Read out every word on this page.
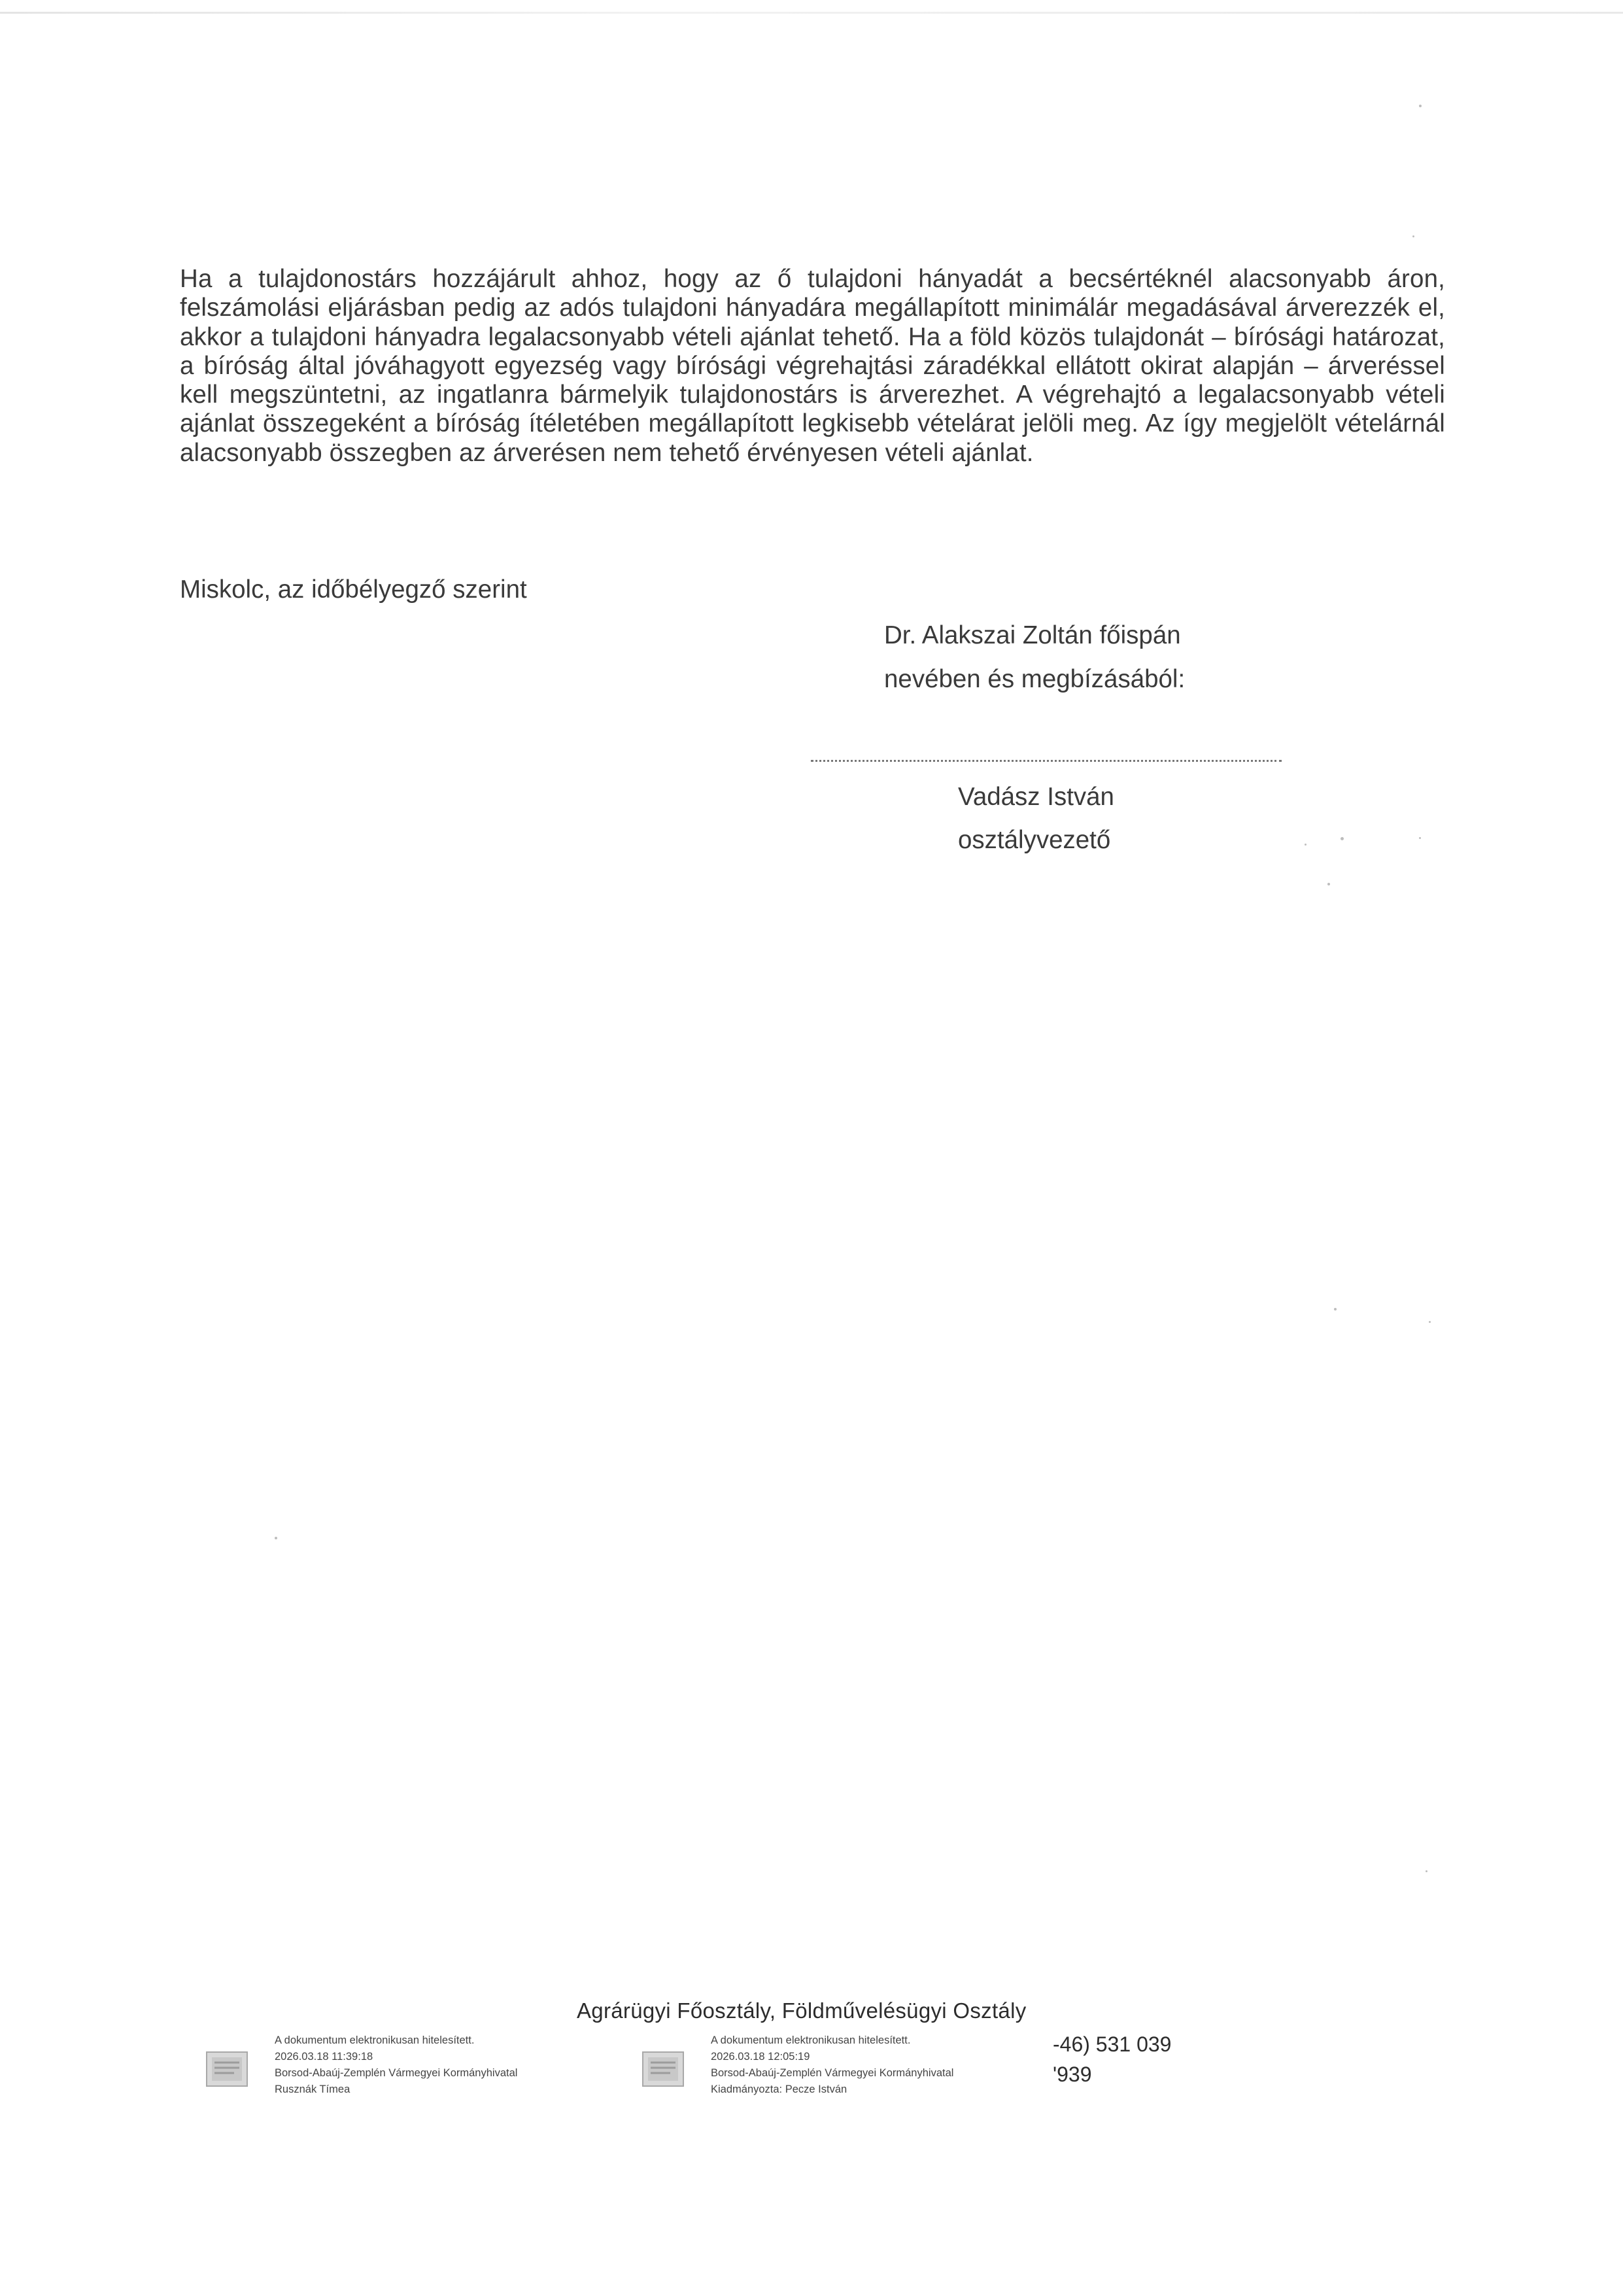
Ha a tulajdonostárs hozzájárult ahhoz, hogy az ő tulajdoni hányadát a becsértéknél alacsonyabb áron, felszámolási eljárásban pedig az adós tulajdoni hányadára megállapított minimálár megadásával árverezzék el, akkor a tulajdoni hányadra legalacsonyabb vételi ajánlat tehető. Ha a föld közös tulajdonát – bírósági határozat, a bíróság által jóváhagyott egyezség vagy bírósági végrehajtási záradékkal ellátott okirat alapján – árveréssel kell megszüntetni, az ingatlanra bármelyik tulajdonostárs is árverezhet. A végrehajtó a legalacsonyabb vételi ajánlat összegeként a bíróság ítéletében megállapított legkisebb vételárat jelöli meg. Az így megjelölt vételárnál alacsonyabb összegben az árverésen nem tehető érvényesen vételi ajánlat.

Miskolc, az időbélyegző szerint

Dr. Alakszai Zoltán főispán
nevében és megbízásából:
Vadász István
osztályvezető
Agrárügyi Főosztály, Földművelésügyi Osztály
A dokumentum elektronikusan hitelesített.
2026.03.18 11:39:18
Borsod-Abaúj-Zemplén Vármegyei Kormányhivatal
Rusznák Tímea
A dokumentum elektronikusan hitelesített.
2026.03.18 12:05:19
Borsod-Abaúj-Zemplén Vármegyei Kormányhivatal
Kiadmányozta: Pecze István
-46) 531 039
'939
